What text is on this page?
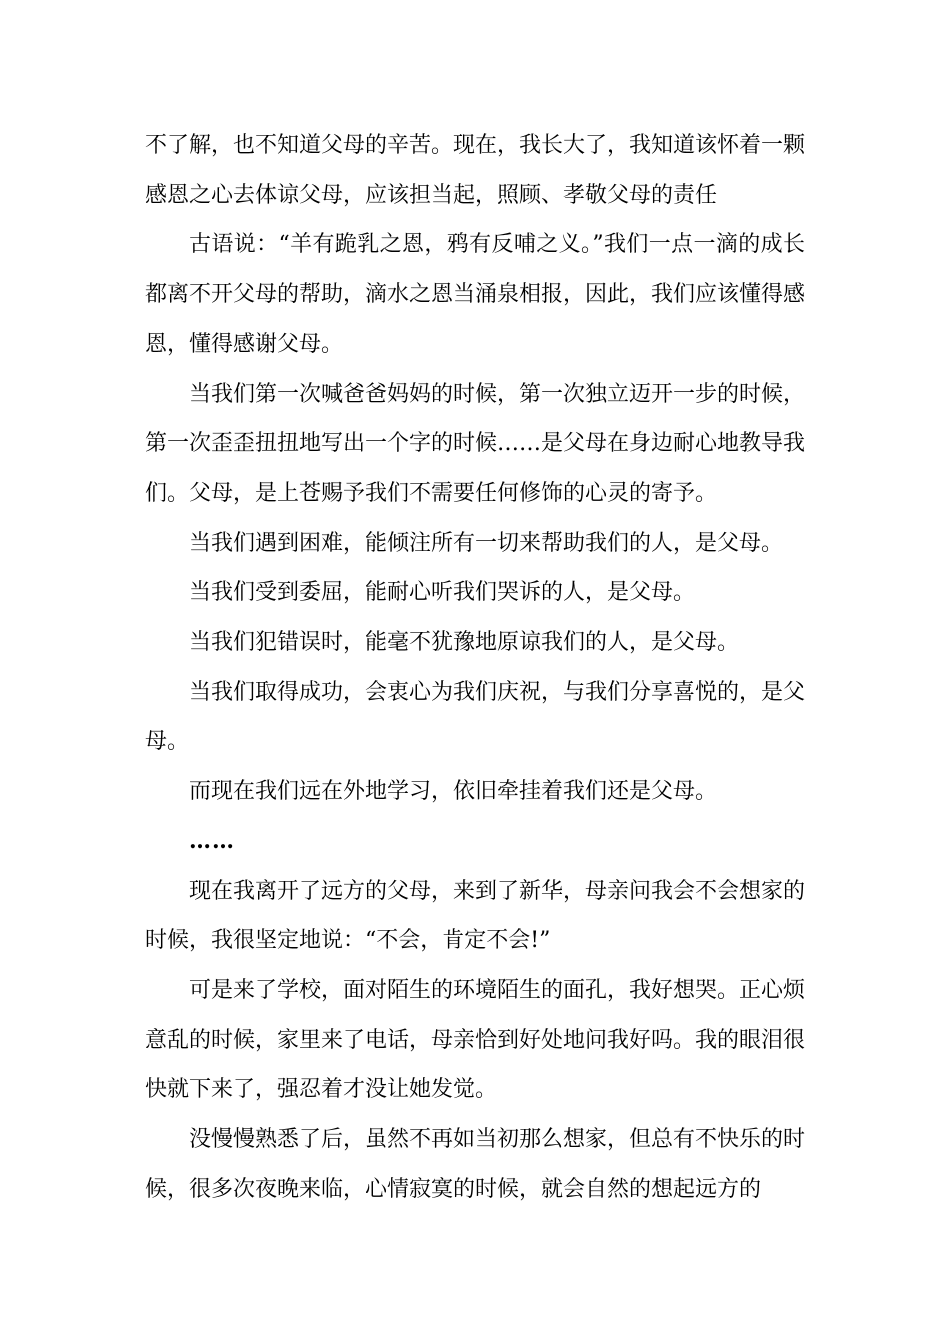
不了解，也不知道父母的辛苦。现在，我长大了，我知道该怀着一颗感恩之心去体谅父母，应该担当起，照顾、孝敬父母的责任

古语说：“羊有跪乳之恩，鸦有反哺之义。”我们一点一滴的成长都离不开父母的帮助，滴水之恩当涌泉相报，因此，我们应该懂得感恩，懂得感谢父母。

当我们第一次喊爸爸妈妈的时候，第一次独立迈开一步的时候，第一次歪歪扭扭地写出一个字的时候……是父母在身边耐心地教导我们。父母，是上苍赐予我们不需要任何修饰的心灵的寄予。

当我们遇到困难，能倾注所有一切来帮助我们的人，是父母。

当我们受到委屈，能耐心听我们哭诉的人，是父母。

当我们犯错误时，能毫不犹豫地原谅我们的人，是父母。

当我们取得成功，会衷心为我们庆祝，与我们分享喜悦的，是父母。

而现在我们远在外地学习，依旧牵挂着我们还是父母。

……

现在我离开了远方的父母，来到了新华，母亲问我会不会想家的时候，我很坚定地说：“不会，肯定不会!”

可是来了学校，面对陌生的环境陌生的面孔，我好想哭。正心烦意乱的时候，家里来了电话，母亲恰到好处地问我好吗。我的眼泪很快就下来了，强忍着才没让她发觉。

没慢慢熟悉了后，虽然不再如当初那么想家，但总有不快乐的时候，很多次夜晚来临，心情寂寞的时候，就会自然的想起远方的
